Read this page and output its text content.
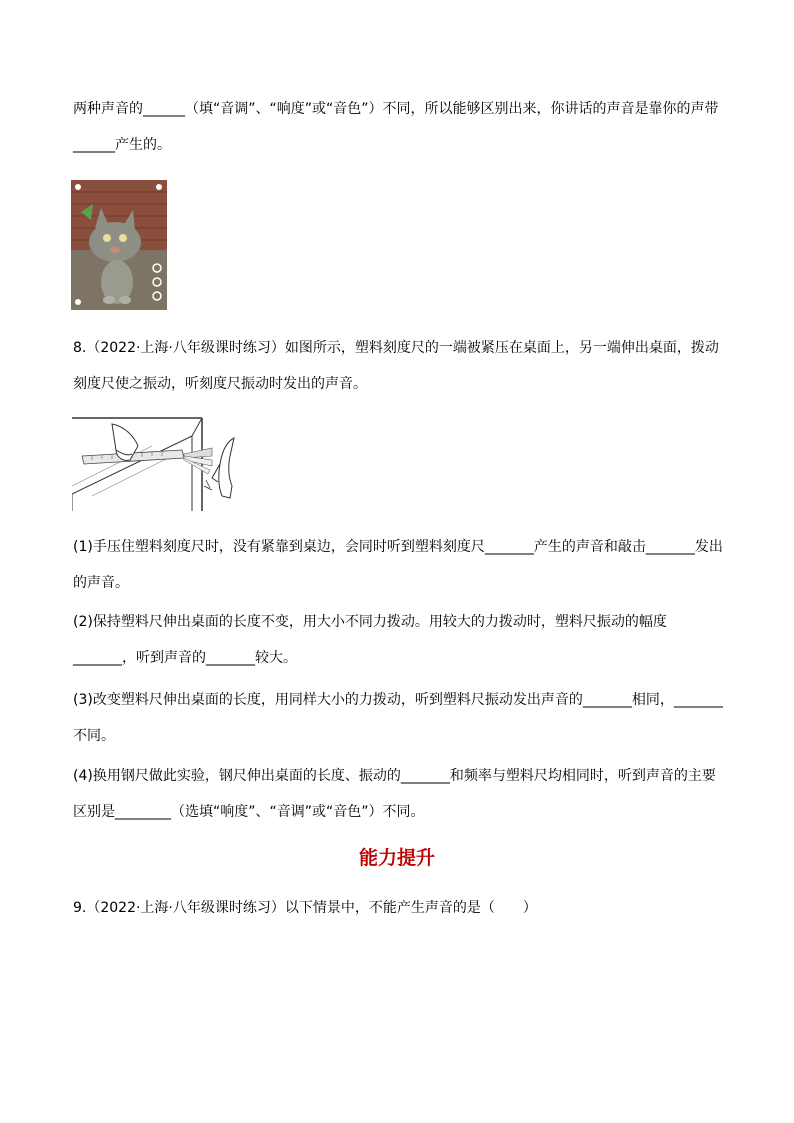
两种声音的______（填“音调”、“响度”或“音色”）不同，所以能够区别出来，你讲话的声音是靠你的声带______产生的。

8.（2022·上海·八年级课时练习）如图所示，塑料刻度尺的一端被紧压在桌面上，另一端伸出桌面，拨动刻度尺使之振动，听刻度尺振动时发出的声音。

(1)手压住塑料刻度尺时，没有紧靠到桌边，会同时听到塑料刻度尺_______产生的声音和敲击_______发出的声音。

(2)保持塑料尺伸出桌面的长度不变，用大小不同力拨动。用较大的力拨动时，塑料尺振动的幅度_______，听到声音的_______较大。

(3)改变塑料尺伸出桌面的长度，用同样大小的力拨动，听到塑料尺振动发出声音的_______相同，_______不同。

(4)换用钢尺做此实验，钢尺伸出桌面的长度、振动的_______和频率与塑料尺均相同时，听到声音的主要区别是________（选填“响度”、“音调”或“音色”）不同。

能力提升

9.（2022·上海·八年级课时练习）以下情景中，不能产生声音的是（　　）
